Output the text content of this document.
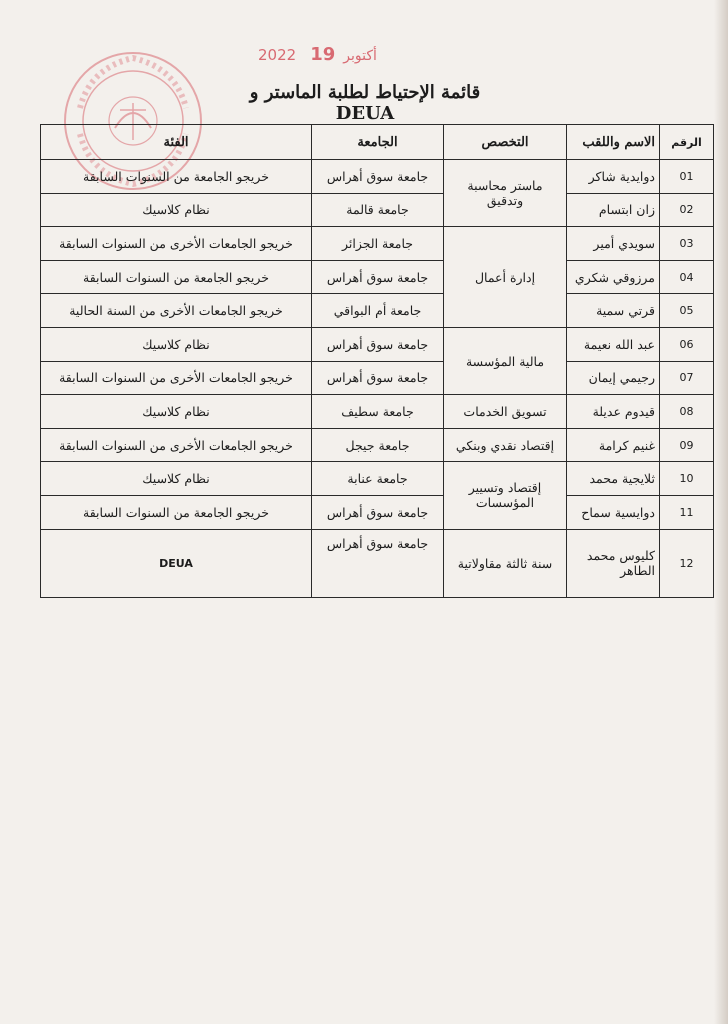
2022	أكتوبر19
قائمة الإحتياط لطلبة الماستر و DEUA
الرقم	الاسم واللقب	التخصص	الجامعة	الفئة
01	دوايدية شاكر	ماستر محاسبة وتدقيق	جامعة سوق أهراس	خريجو الجامعة من السنوات السابقة
02	زان ابتسام		جامعة قالمة	نظام كلاسيك
03	سويدي أمير	إدارة أعمال	جامعة الجزائر	خريجو الجامعات الأخرى من السنوات السابقة
04	مرزوقي شكري		جامعة سوق أهراس	خريجو الجامعة من السنوات السابقة
05	قرتي سمية		جامعة أم البواقي	خريجو الجامعات الأخرى من السنة الحالية
06	عبد الله نعيمة	مالية المؤسسة	جامعة سوق أهراس	نظام كلاسيك
07	رجيمي إيمان		جامعة سوق أهراس	خريجو الجامعات الأخرى من السنوات السابقة
08	قيدوم عديلة	تسويق الخدمات	جامعة سطيف	نظام كلاسيك
09	غنيم كرامة	إقتصاد نقدي وبنكي	جامعة جيجل	خريجو الجامعات الأخرى من السنوات السابقة
10	ثلايجية محمد	إقتصاد وتسيير المؤسسات	جامعة عنابة	نظام كلاسيك
11	دوايسية سماح		جامعة سوق أهراس	خريجو الجامعة من السنوات السابقة
12	كليوس محمد الطاهر	سنة ثالثة مقاولاتية	جامعة سوق أهراس	DEUA
